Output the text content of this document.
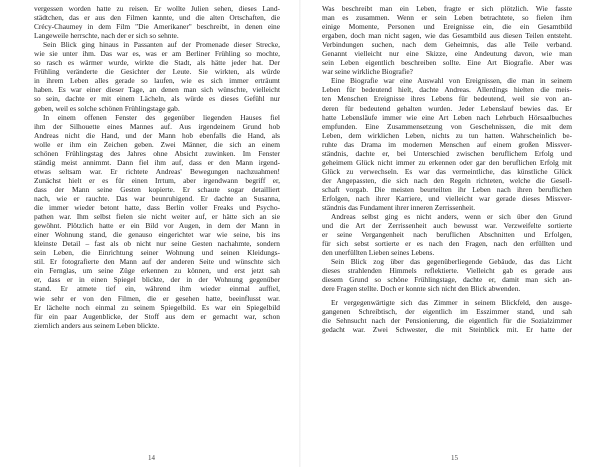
vergessen worden hatte zu reisen. Er wollte Julien sehen, dieses Land-
städtchen, das er aus den Filmen kannte, und die alten Ortschaften, die
Crécy-Chaumey in dem Film "Die Amerikaner" beschreibt, in denen eine
Langeweile herrschte, nach der er sich so sehnte.
Sein Blick ging hinaus in Passanten auf der Promenade dieser Strecke,
wie sie unter ihm. Das war es, was er am Berliner Frühling so mochte,
so rasch es wärmer wurde, wirkte die Stadt, als hätte jeder hat. Der
Frühling veränderte die Gesichter der Leute. Sie wirkten, als würde
in ihrem Leben alles gerade so laufen, wie es sich immer erträumt
haben. Es war einer dieser Tage, an denen man sich wünschte, vielleicht
so sein, dachte er mit einem Lächeln, als würde es dieses Gefühl nur
geben, weil es solche schönen Frühlingstage gab.
In einem offenen Fenster des gegenüber liegenden Hauses fiel
ihm der Silhouette eines Mannes auf. Aus irgendeinem Grund hob
Andreas nicht die Hand, und der Mann hob ebenfalls die Hand, als
wolle er ihm ein Zeichen geben. Zwei Männer, die sich an einem
schönen Frühlingstag des Jahres ohne Absicht zuwinken. Im Fenster
ständig meist annimmt. Dann fiel ihm auf, dass er den Mann irgend-
etwas seltsam war. Er richtete Andreas' Bewegungen nachzuahmen!
Zunächst hielt er es für einen Irrtum, aber irgendwann begriff er,
dass der Mann seine Gesten kopierte. Er schaute sogar detailliert
nach, wie er rauchte. Das war beunruhigend. Er dachte an Susanna,
die immer wieder betont hatte, dass Berlin voller Freaks und Psycho-
pathen war. Ihm selbst fielen sie nicht weiter auf, er hätte sich an sie
gewöhnt. Plötzlich hatte er ein Bild vor Augen, in dem der Mann in
einer Wohnung stand, die genauso eingerichtet war wie seine, bis ins
kleinste Detail – fast als ob nicht nur seine Gesten nachahmte, sondern
sein Leben, die Einrichtung seiner Wohnung und seinen Kleidungs-
stil. Er fotografierte den Mann auf der anderen Seite und wünschte sich
ein Fernglas, um seine Züge erkennen zu können, und erst jetzt sah
er, dass er in einen Spiegel blickte, der in der Wohnung gegenüber
stand. Er atmete tief ein, während ihm wieder einmal auffiel,
wie sehr er von den Filmen, die er gesehen hatte, beeinflusst war.
Er lächelte noch einmal zu seinem Spiegelbild. Es war ein Spiegelbild
für ein paar Augenblicke, der Stoff aus dem er gemacht war, schon
ziemlich anders aus seinem Leben blickte.
14
Was beschreibt man ein Leben, fragte er sich plötzlich. Wie fasste
man es zusammen. Wenn er sein Leben betrachtete, so fielen ihm
einige Momente, Personen und Ereignisse ein, die ein Gesamtbild
ergaben, doch man nicht sagen, wie das Gesamtbild aus diesen Teilen entsteht.
Verbindungen suchen, nach dem Geheimnis, das alle Teile verband.
Genannt vielleicht nur eine Skizze, eine Andeutung davon, wie man
sein Leben eigentlich beschreiben sollte. Eine Art Biografie. Aber was
war seine wirkliche Biografie?
Eine Biografie war eine Auswahl von Ereignissen, die man in seinem
Leben für bedeutend hielt, dachte Andreas. Allerdings hielten die meis-
ten Menschen Ereignisse ihres Lebens für bedeutend, weil sie von an-
deren für bedeutend gehalten wurden. Jeder Lebenslauf bewies das. Er
hatte Lebensläufe immer wie eine Art Leben nach Lehrbuch Hörsaalbuches
empfunden. Eine Zusammensetzung von Geschehnissen, die mit dem
Leben, dem wirklichen Leben, nichts zu tun hatten. Wahrscheinlich be-
ruhte das Drama im modernen Menschen auf einem großen Missver-
ständnis, dachte er, bei Unterschied zwischen beruflichem Erfolg und
geheimem Glück nicht immer zu erkennen oder gar den beruflichen Erfolg mit
Glück zu verwechseln. Es war das vermeintliche, das künstliche Glück
der Angepassten, die sich nach den Regeln richteten, welche die Gesell-
schaft vorgab. Die meisten beurteilten ihr Leben nach ihren beruflichen
Erfolgen, nach ihrer Karriere, und vielleicht war gerade dieses Missver-
ständnis das Fundament ihrer inneren Zerrissenheit.
Andreas selbst ging es nicht anders, wenn er sich über den Grund
und die Art der Zerrissenheit auch bewusst war. Verzweifelte sortierte
er seine Vergangenheit nach beruflichen Abschnitten und Erfolgen,
für sich sebst sortierte er es nach den Fragen, nach den erfüllten und
den unerfüllten Lieben seines Lebens.
Sein Blick zog über das gegenüberliegende Gebäude, das das Licht
dieses strahlenden Himmels reflektierte. Vielleicht gab es gerade aus
diesem Grund so schöne Frühlingstage, dachte er, damit man sich an-
dere Fragen stellte. Doch er konnte sich nicht den Blick abwenden.
Er vergegenwärtigte sich das Zimmer in seinem Blickfeld, den ausge-
gangenen Schreibtisch, der eigentlich im Esszimmer stand, und sah
die Sehnsucht nach der Pensionierung, die eigentlich für die Sozialzimmer
gedacht war. Zwei Schwester, die mit Steinblick mit. Er hatte der
15
